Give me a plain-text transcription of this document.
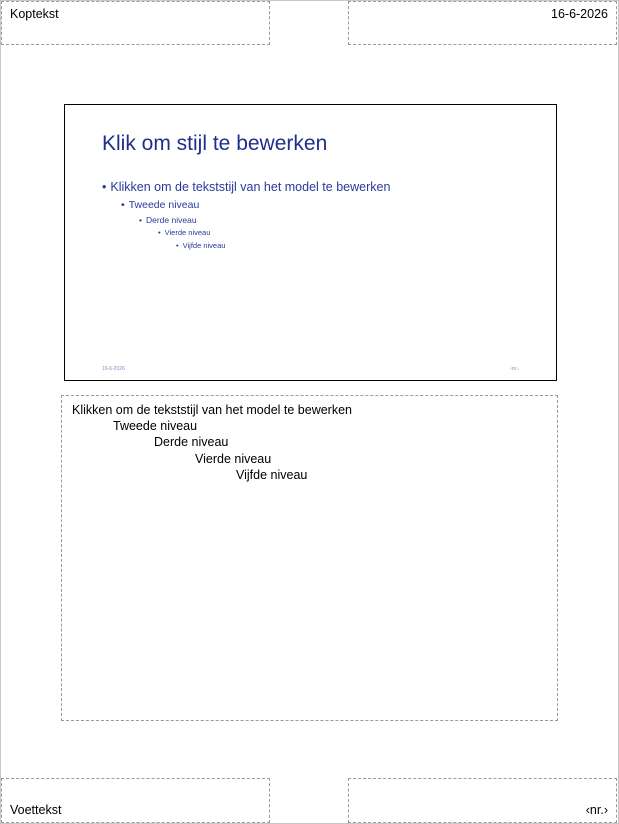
Koptekst	16-6-2026
Klik om stijl te bewerken
• Klikken om de tekststijl van het model te bewerken
• Tweede niveau
• Derde niveau
• Vierde niveau
• Vijfde niveau
16-6-2026	‹nr.›
Klikken om de tekststijl van het model te bewerken
Tweede niveau
Derde niveau
Vierde niveau
Vijfde niveau
Voettekst	‹nr.›
